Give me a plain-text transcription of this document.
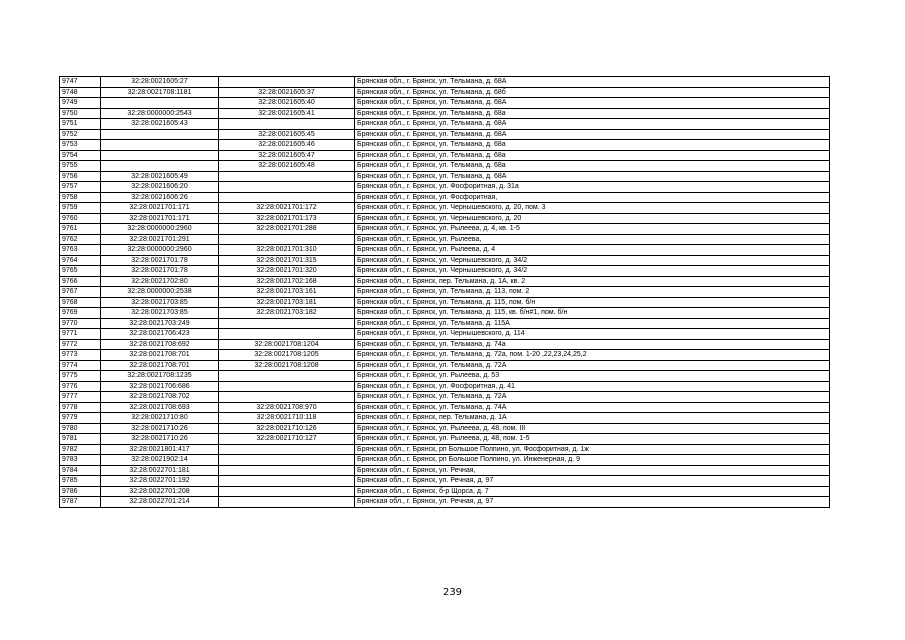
9747	32:28:0021605:27		Брянская обл., г. Брянск, ул. Тельмана, д. 68А
9748	32:28:0021708:1181	32:28:0021605:37	Брянская обл., г. Брянск, ул. Тельмана, д. 68б
9749		32:28:0021605:40	Брянская обл., г. Брянск, ул. Тельмана, д. 68А
9750	32:28:0000000:2543	32:28:0021605:41	Брянская обл., г. Брянск, ул. Тельмана, д. 68а
9751	32:28:0021605:43		Брянская обл., г. Брянск, ул. Тельмана, д. 68А
9752		32:28:0021605:45	Брянская обл., г. Брянск, ул. Тельмана, д. 68А
9753		32:28:0021605:46	Брянская обл., г. Брянск, ул. Тельмана, д. 68а
9754		32:28:0021605:47	Брянская обл., г. Брянск, ул. Тельмана, д. 68а
9755		32:28:0021605:48	Брянская обл., г. Брянск, ул. Тельмана, д. 68а
9756	32:28:0021605:49		Брянская обл., г. Брянск, ул. Тельмана, д. 68А
9757	32:28:0021606:20		Брянская обл., г. Брянск, ул. Фосфоритная, д. 31а
9758	32:28:0021606:26		Брянская обл., г. Брянск, ул. Фосфоритная,
9759	32:28:0021701:171	32:28:0021701:172	Брянская обл., г. Брянск, ул. Чернышевского, д. 20, пом. 3
9760	32:28:0021701:171	32:28:0021701:173	Брянская обл., г. Брянск, ул. Чернышевского, д. 20
9761	32:28:0000000:2960	32:28:0021701:288	Брянская обл., г. Брянск, ул. Рылеева, д. 4, кв. 1-5
9762	32:28:0021701:291		Брянская обл., г. Брянск, ул. Рылеева,
9763	32:28:0000000:2960	32:28:0021701:310	Брянская обл., г. Брянск, ул. Рылеева, д. 4
9764	32:28:0021701:78	32:28:0021701:315	Брянская обл., г. Брянск, ул. Чернышевского, д. 34/2
9765	32:28:0021701:78	32:28:0021701:320	Брянская обл., г. Брянск, ул. Чернышевского, д. 34/2
9766	32:28:0021702:80	32:28:0021702:168	Брянская обл., г. Брянск, пер. Тельмана, д. 1А, кв. 2
9767	32:28:0000000:2538	32:28:0021703:161	Брянская обл., г. Брянск, ул. Тельмана, д. 113, пом. 2
9768	32:28:0021703:85	32:28:0021703:181	Брянская обл., г. Брянск, ул. Тельмана, д. 115, пом. б/н
9769	32:28:0021703:85	32:28:0021703:182	Брянская обл., г. Брянск, ул. Тельмана, д. 115, кв. б/н#1, пом. б/н
9770	32:28:0021703:249		Брянская обл., г. Брянск, ул. Тельмана, д. 115А
9771	32:28:0021706:423		Брянская обл., г. Брянск, ул. Чернышевского, д. 114
9772	32:28:0021708:692	32:28:0021708:1204	Брянская обл., г. Брянск, ул. Тельмана, д. 74а
9773	32:28:0021708:701	32:28:0021708:1205	Брянская обл., г. Брянск, ул. Тельмана, д. 72а, пом. 1-20 ,22,23,24,25,2
9774	32:28:0021708:701	32:28:0021708:1208	Брянская обл., г. Брянск, ул. Тельмана, д. 72А
9775	32:28:0021708:1235		Брянская обл., г. Брянск, ул. Рылеева, д. 53
9776	32:28:0021706:686		Брянская обл., г. Брянск, ул. Фосфоритная, д. 41
9777	32:28:0021708:702		Брянская обл., г. Брянск, ул. Тельмана, д. 72А
9778	32:28:0021708:693	32:28:0021708:970	Брянская обл., г. Брянск, ул. Тельмана, д. 74А
9779	32:28:0021710:80	32:28:0021710:118	Брянская обл., г. Брянск, пер. Тельмана, д. 1А
9780	32:28:0021710:26	32:28:0021710:126	Брянская обл., г. Брянск, ул. Рылеева, д. 48, пом. III
9781	32:28:0021710:26	32:28:0021710:127	Брянская обл., г. Брянск, ул. Рылеева, д. 48, пом. 1-5
9782	32:28:0021801:417		Брянская обл., г. Брянск, рп Большое Полпино, ул. Фосфоритная, д. 1ж
9783	32:28:0021902:14		Брянская обл., г. Брянск, рп Большое Полпино, ул. Инженерная, д. 9
9784	32:28:0022701:181		Брянская обл., г. Брянск, ул. Речная,
9785	32:28:0022701:192		Брянская обл., г. Брянск, ул. Речная, д. 97
9786	32:28:0022701:208		Брянская обл., г. Брянск, б-р Щорса, д. 7
9787	32:28:0022701:214		Брянская обл., г. Брянск, ул. Речная, д. 97
239
